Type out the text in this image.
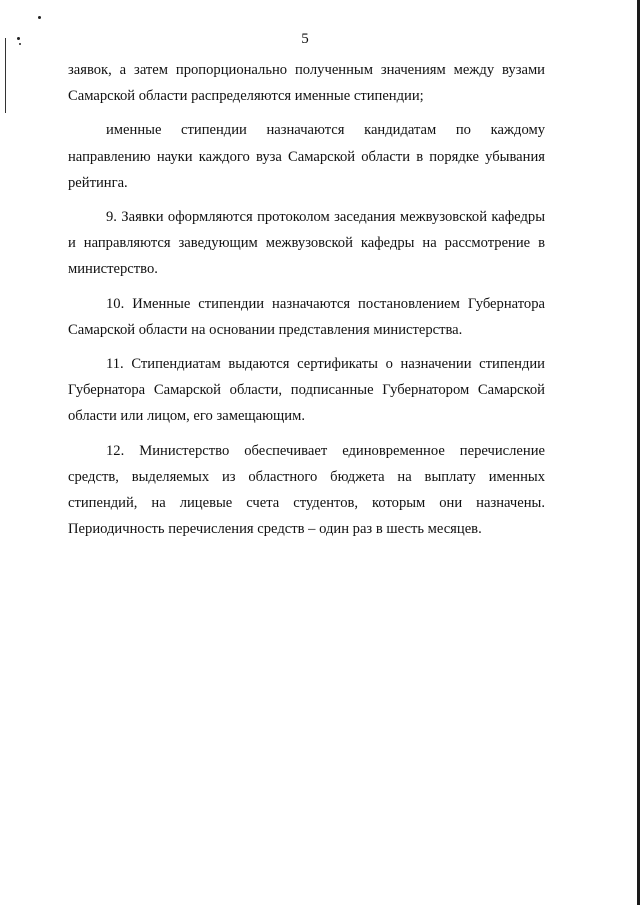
5

заявок, а затем пропорционально полученным значениям между вузами Самарской области распределяются именные стипендии;

именные стипендии назначаются кандидатам по каждому направлению науки каждого вуза Самарской области в порядке убывания рейтинга.

9. Заявки оформляются протоколом заседания межвузовской кафедры и направляются заведующим межвузовской кафедры на рассмотрение в министерство.

10. Именные стипендии назначаются постановлением Губернатора Самарской области на основании представления министерства.

11. Стипендиатам выдаются сертификаты о назначении стипендии Губернатора Самарской области, подписанные Губернатором Самарской области или лицом, его замещающим.

12. Министерство обеспечивает единовременное перечисление средств, выделяемых из областного бюджета на выплату именных стипендий, на лицевые счета студентов, которым они назначены. Периодичность перечисления средств – один раз в шесть месяцев.
